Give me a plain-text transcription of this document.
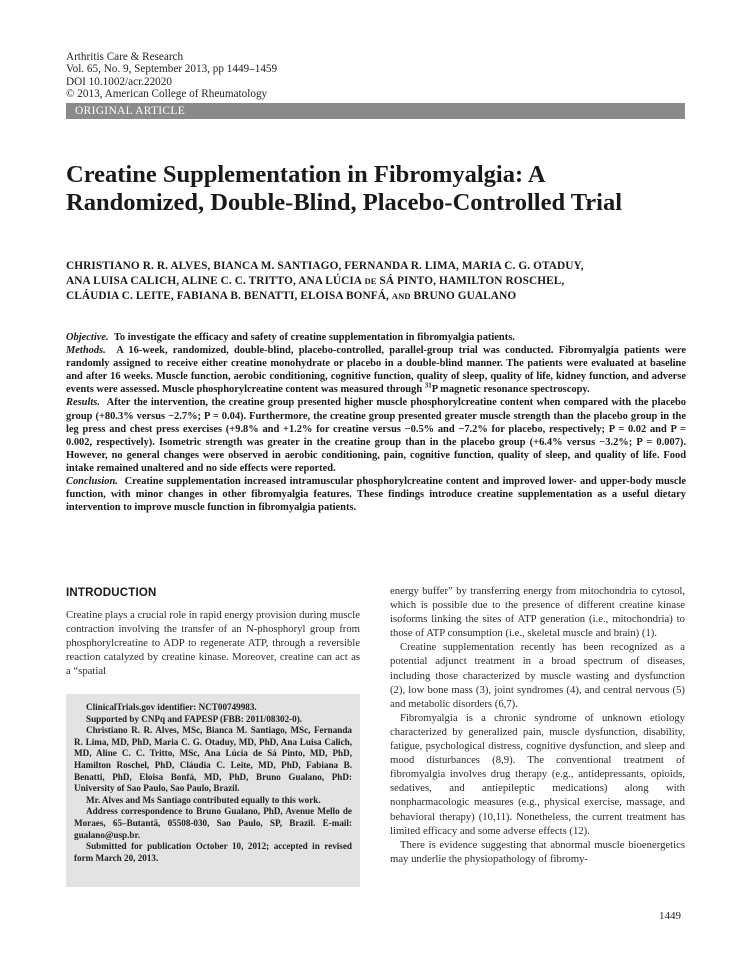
Arthritis Care & Research
Vol. 65, No. 9, September 2013, pp 1449–1459
DOI 10.1002/acr.22020
© 2013, American College of Rheumatology
ORIGINAL ARTICLE
Creatine Supplementation in Fibromyalgia: A Randomized, Double-Blind, Placebo-Controlled Trial
CHRISTIANO R. R. ALVES, BIANCA M. SANTIAGO, FERNANDA R. LIMA, MARIA C. G. OTADUY,
ANA LUISA CALICH, ALINE C. C. TRITTO, ANA LÚCIA DE SÁ PINTO, HAMILTON ROSCHEL,
CLÁUDIA C. LEITE, FABIANA B. BENATTI, ELOISA BONFÁ, AND BRUNO GUALANO

Objective. To investigate the efficacy and safety of creatine supplementation in fibromyalgia patients.

Methods. A 16-week, randomized, double-blind, placebo-controlled, parallel-group trial was conducted. Fibromyalgia patients were randomly assigned to receive either creatine monohydrate or placebo in a double-blind manner. The patients were evaluated at baseline and after 16 weeks. Muscle function, aerobic conditioning, cognitive function, quality of sleep, quality of life, kidney function, and adverse events were assessed. Muscle phosphorylcreatine content was measured through $^{31}$P magnetic resonance spectroscopy.

Results. After the intervention, the creatine group presented higher muscle phosphorylcreatine content when compared with the placebo group (+80.3% versus −2.7%; P = 0.04). Furthermore, the creatine group presented greater muscle strength than the placebo group in the leg press and chest press exercises (+9.8% and +1.2% for creatine versus −0.5% and −7.2% for placebo, respectively; P = 0.02 and P = 0.002, respectively). Isometric strength was greater in the creatine group than in the placebo group (+6.4% versus −3.2%; P = 0.007). However, no general changes were observed in aerobic conditioning, pain, cognitive function, quality of sleep, and quality of life. Food intake remained unaltered and no side effects were reported.

Conclusion. Creatine supplementation increased intramuscular phosphorylcreatine content and improved lower- and upper-body muscle function, with minor changes in other fibromyalgia features. These findings introduce creatine supplementation as a useful dietary intervention to improve muscle function in fibromyalgia patients.

INTRODUCTION

Creatine plays a crucial role in rapid energy provision during muscle contraction involving the transfer of an N-phosphoryl group from phosphorylcreatine to ADP to regenerate ATP, through a reversible reaction catalyzed by creatine kinase. Moreover, creatine can act as a “spatial

ClinicalTrials.gov identifier: NCT00749983.

Supported by CNPq and FAPESP (FBB: 2011/08302-0).

Christiano R. R. Alves, MSc, Bianca M. Santiago, MSc, Fernanda R. Lima, MD, PhD, Maria C. G. Otaduy, MD, PhD, Ana Luisa Calich, MD, Aline C. C. Tritto, MSc, Ana Lúcia de Sá Pinto, MD, PhD, Hamilton Roschel, PhD, Cláudia C. Leite, MD, PhD, Fabiana B. Benatti, PhD, Eloisa Bonfá, MD, PhD, Bruno Gualano, PhD: University of Sao Paulo, Sao Paulo, Brazil.

Mr. Alves and Ms Santiago contributed equally to this work.

Address correspondence to Bruno Gualano, PhD, Avenue Mello de Moraes, 65–Butantã, 05508-030, Sao Paulo, SP, Brazil. E-mail: gualano@usp.br.

Submitted for publication October 10, 2012; accepted in revised form March 20, 2013.

energy buffer” by transferring energy from mitochondria to cytosol, which is possible due to the presence of different creatine kinase isoforms linking the sites of ATP generation (i.e., mitochondria) to those of ATP consumption (i.e., skeletal muscle and brain) (1).

Creatine supplementation recently has been recognized as a potential adjunct treatment in a broad spectrum of diseases, including those characterized by muscle wasting and dysfunction (2), low bone mass (3), joint syndromes (4), and central nervous (5) and metabolic disorders (6,7).

Fibromyalgia is a chronic syndrome of unknown etiology characterized by generalized pain, muscle dysfunction, disability, fatigue, psychological distress, cognitive dysfunction, and sleep and mood disturbances (8,9). The conventional treatment of fibromyalgia involves drug therapy (e.g., antidepressants, opioids, sedatives, and antiepileptic medications) along with nonpharmacologic measures (e.g., physical exercise, massage, and behavioral therapy) (10,11). Nonetheless, the current treatment has limited efficacy and some adverse effects (12).

There is evidence suggesting that abnormal muscle bioenergetics may underlie the physiopathology of fibromy-

1449
